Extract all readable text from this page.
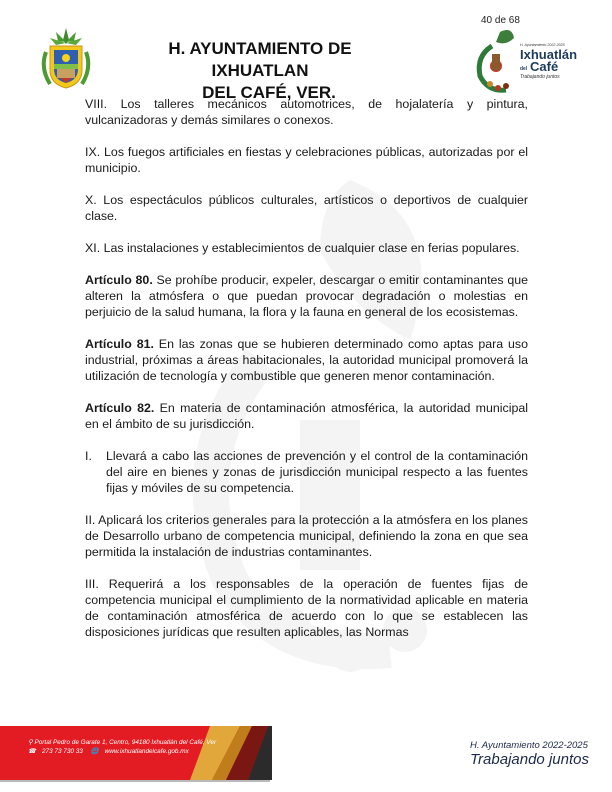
40 de 68
H. AYUNTAMIENTO DE IXHUATLAN
DEL CAFÉ, VER.
H. Ayuntamiento 2022-2025
Ixhuatlán
del Café
Trabajando juntos

VIII. Los talleres mecánicos automotrices, de hojalatería y pintura, vulcanizadoras y demás similares o conexos.

IX. Los fuegos artificiales en fiestas y celebraciones públicas, autorizadas por el municipio.

X. Los espectáculos públicos culturales, artísticos o deportivos de cualquier clase.

XI. Las instalaciones y establecimientos de cualquier clase en ferias populares.

Artículo 80. Se prohíbe producir, expeler, descargar o emitir contaminantes que alteren la atmósfera o que puedan provocar degradación o molestias en perjuicio de la salud humana, la flora y la fauna en general de los ecosistemas.

Artículo 81. En las zonas que se hubieren determinado como aptas para uso industrial, próximas a áreas habitacionales, la autoridad municipal promoverá la utilización de tecnología y combustible que generen menor contaminación.

Artículo 82. En materia de contaminación atmosférica, la autoridad municipal en el ámbito de su jurisdicción.

I.	Llevará a cabo las acciones de prevención y el control de la contaminación del aire en bienes y zonas de jurisdicción municipal respecto a las fuentes fijas y móviles de su competencia.

II. Aplicará los criterios generales para la protección a la atmósfera en los planes de Desarrollo urbano de competencia municipal, definiendo la zona en que sea permitida la instalación de industrias contaminantes.

III. Requerirá a los responsables de la operación de fuentes fijas de competencia municipal el cumplimiento de la normatividad aplicable en materia de contaminación atmosférica de acuerdo con lo que se establecen las disposiciones jurídicas que resulten aplicables, las Normas

⚲ Portal Pedro de Garate 1, Centro, 94180 Ixhuatlán del Café, Ver
☎ 273 73 730 33 🌐 www.ixhuatlandelcafe.gob.mx
H. Ayuntamiento 2022-2025
Trabajando juntos
